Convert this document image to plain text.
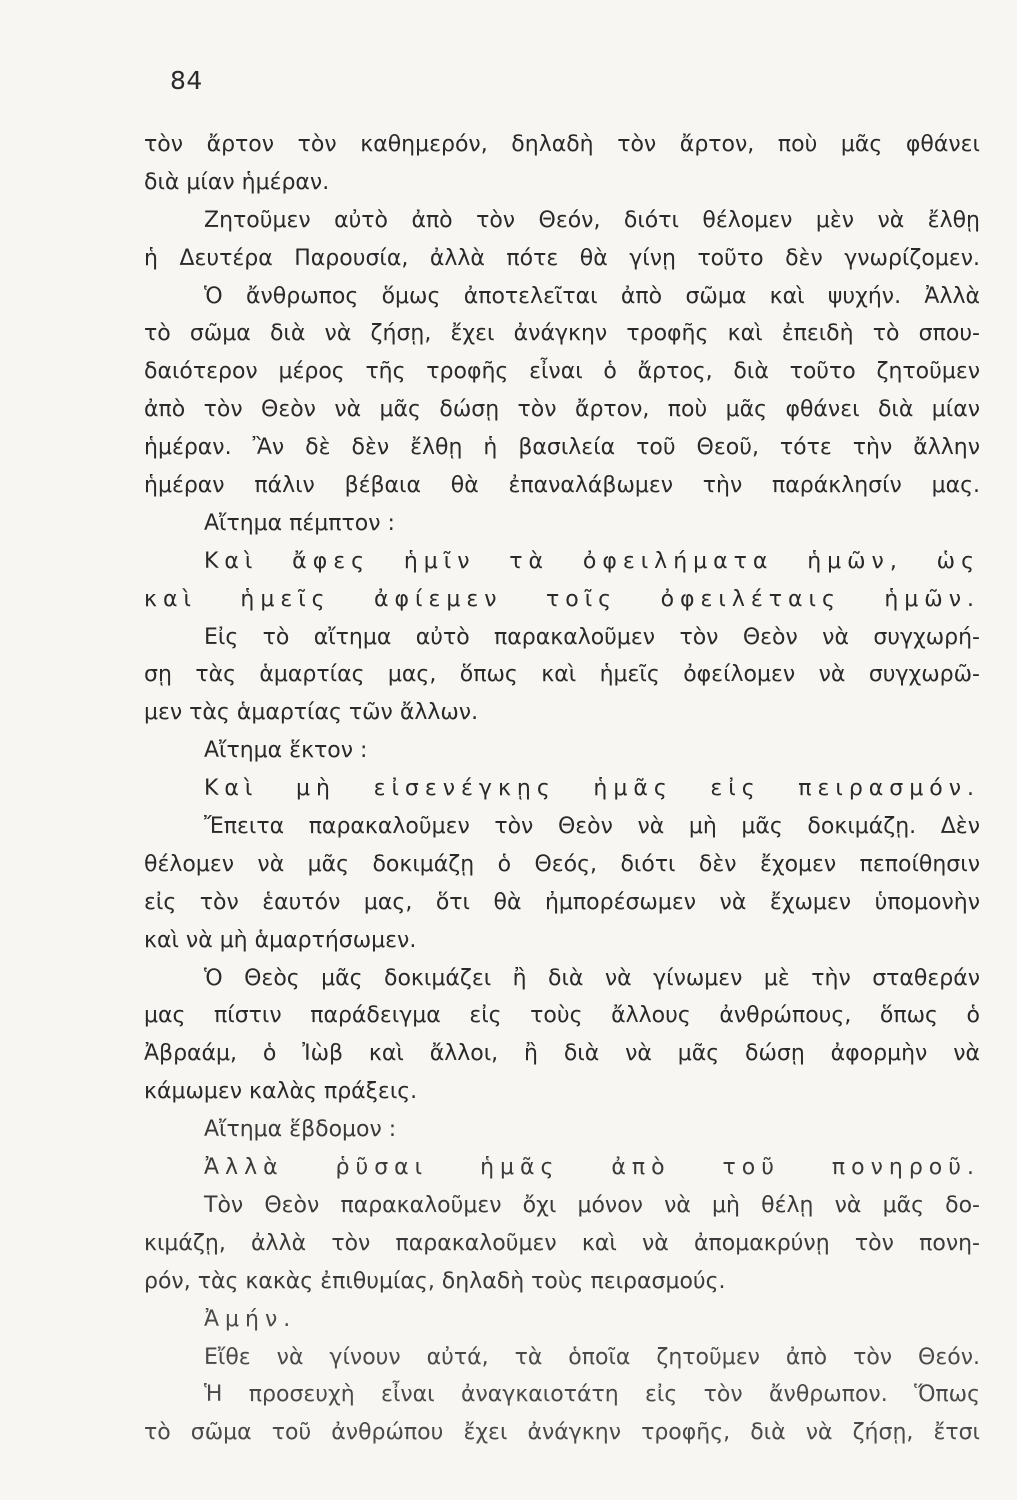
84
τὸν ἄρτον τὸν καθημερόν, δηλαδὴ τὸν ἄρτον, ποὺ μᾶς φθάνει
διὰ μίαν ἡμέραν.
Ζητοῦμεν αὐτὸ ἀπὸ τὸν Θεόν, διότι θέλομεν μὲν νὰ ἔλθῃ
ἡ Δευτέρα Παρουσία, ἀλλὰ πότε θὰ γίνῃ τοῦτο δὲν γνωρίζομεν.
Ὁ ἄνθρωπος ὅμως ἀποτελεῖται ἀπὸ σῶμα καὶ ψυχήν. Ἀλλὰ
τὸ σῶμα διὰ νὰ ζήσῃ, ἔχει ἀνάγκην τροφῆς καὶ ἐπειδὴ τὸ σπου-
δαιότερον μέρος τῆς τροφῆς εἶναι ὁ ἄρτος, διὰ τοῦτο ζητοῦμεν
ἀπὸ τὸν Θεὸν νὰ μᾶς δώσῃ τὸν ἄρτον, ποὺ μᾶς φθάνει διὰ μίαν
ἡμέραν. Ἂν δὲ δὲν ἔλθῃ ἡ βασιλεία τοῦ Θεοῦ, τότε τὴν ἄλλην
ἡμέραν πάλιν βέβαια θὰ ἐπαναλάβωμεν τὴν παράκλησίν μας.
Αἴτημα πέμπτον :
Καὶ ἄφες ἡμῖν τὰ ὀφειλήματα ἡμῶν, ὡς
καὶ ἡμεῖς ἀφίεμεν τοῖς ὀφειλέταις ἡμῶν.
Εἰς τὸ αἴτημα αὐτὸ παρακαλοῦμεν τὸν Θεὸν νὰ συγχωρή-
σῃ τὰς ἁμαρτίας μας, ὅπως καὶ ἡμεῖς ὀφείλομεν νὰ συγχωρῶ-
μεν τὰς ἁμαρτίας τῶν ἄλλων.
Αἴτημα ἕκτον :
Καὶ μὴ εἰσενέγκῃς ἡμᾶς εἰς πειρασμόν.
Ἔπειτα παρακαλοῦμεν τὸν Θεὸν νὰ μὴ μᾶς δοκιμάζῃ. Δὲν
θέλομεν νὰ μᾶς δοκιμάζῃ ὁ Θεός, διότι δὲν ἔχομεν πεποίθησιν
εἰς τὸν ἑαυτόν μας, ὅτι θὰ ἠμπορέσωμεν νὰ ἔχωμεν ὑπομονὴν
καὶ νὰ μὴ ἁμαρτήσωμεν.
Ὁ Θεὸς μᾶς δοκιμάζει ἢ διὰ νὰ γίνωμεν μὲ τὴν σταθεράν
μας πίστιν παράδειγμα εἰς τοὺς ἄλλους ἀνθρώπους, ὅπως ὁ
Ἀβραάμ, ὁ Ἰὼβ καὶ ἄλλοι, ἢ διὰ νὰ μᾶς δώσῃ ἀφορμὴν νὰ
κάμωμεν καλὰς πράξεις.
Αἴτημα ἕβδομον :
Ἀλλὰ ῥῦσαι ἡμᾶς ἀπὸ τοῦ πονηροῦ.
Τὸν Θεὸν παρακαλοῦμεν ὄχι μόνον νὰ μὴ θέλῃ νὰ μᾶς δο-
κιμάζῃ, ἀλλὰ τὸν παρακαλοῦμεν καὶ νὰ ἀπομακρύνῃ τὸν πονη-
ρόν, τὰς κακὰς ἐπιθυμίας, δηλαδὴ τοὺς πειρασμούς.
Ἀμήν.
Εἴθε νὰ γίνουν αὐτά, τὰ ὁποῖα ζητοῦμεν ἀπὸ τὸν Θεόν.
Ἡ προσευχὴ εἶναι ἀναγκαιοτάτη εἰς τὸν ἄνθρωπον. Ὅπως
τὸ σῶμα τοῦ ἀνθρώπου ἔχει ἀνάγκην τροφῆς, διὰ νὰ ζήσῃ, ἔτσι
